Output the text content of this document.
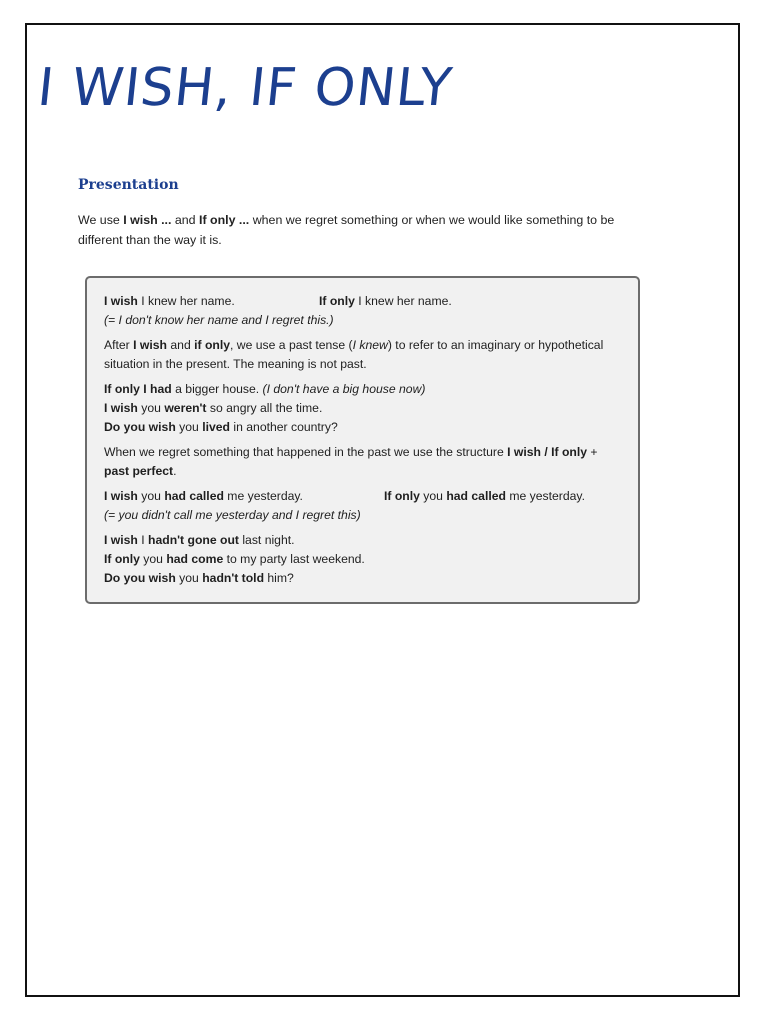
I WISH, IF ONLY
Presentation

We use I wish ... and If only ... when we regret something or when we would like something to be different than the way it is.

I wish I knew her name.	If only I knew her name.
(= I don't know her name and I regret this.)
After I wish and if only, we use a past tense (I knew) to refer to an imaginary or hypothetical situation in the present. The meaning is not past.
If only I had a bigger house. (I don't have a big house now)
I wish you weren't so angry all the time.
Do you wish you lived in another country?
When we regret something that happened in the past we use the structure I wish / If only + past perfect.
I wish you had called me yesterday.	If only you had called me yesterday.
(= you didn't call me yesterday and I regret this)
I wish I hadn't gone out last night.
If only you had come to my party last weekend.
Do you wish you hadn't told him?
